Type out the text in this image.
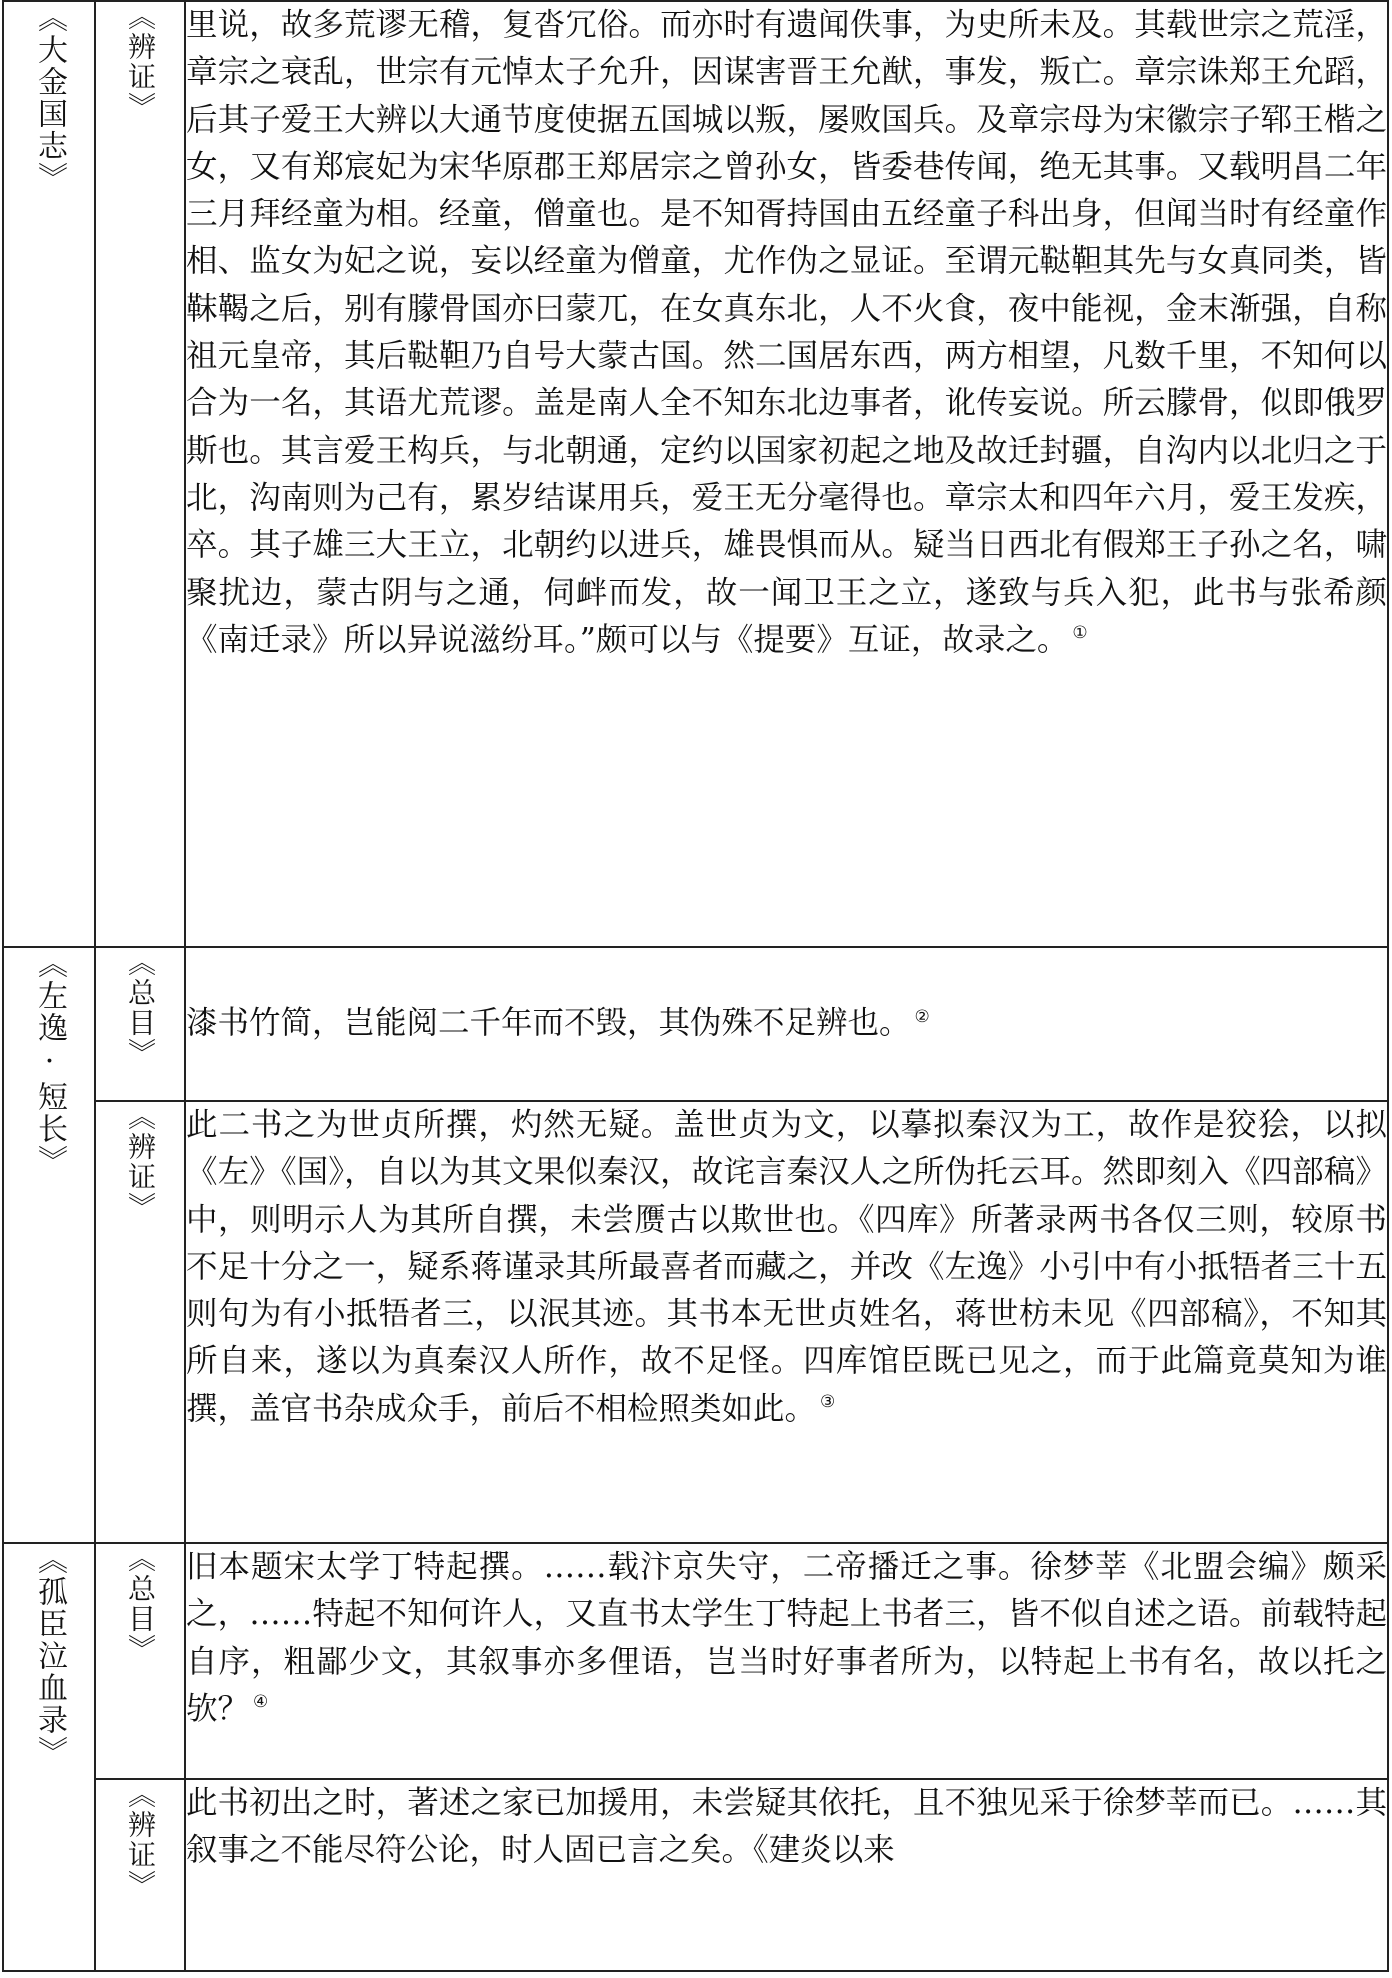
《大金国志》	《辨证》	里说，故多荒谬无稽，复沓冗俗。而亦时有遗闻佚事，为史所未及。其载世宗之荒淫，章宗之衰乱，世宗有元悼太子允升，因谋害晋王允猷，事发，叛亡。章宗诛郑王允蹈，后其子爱王大辨以大通节度使据五国城以叛，屡败国兵。及章宗母为宋徽宗子郓王楷之女，又有郑宸妃为宋华原郡王郑居宗之曾孙女，皆委巷传闻，绝无其事。又载明昌二年三月拜经童为相。经童，僧童也。是不知胥持国由五经童子科出身，但闻当时有经童作相、监女为妃之说，妄以经童为僧童，尤作伪之显证。至谓元鞑靼其先与女真同类，皆靺鞨之后，别有朦骨国亦曰蒙兀，在女真东北，人不火食，夜中能视，金末渐强，自称祖元皇帝，其后鞑靼乃自号大蒙古国。然二国居东西，两方相望，凡数千里，不知何以合为一名，其语尤荒谬。盖是南人全不知东北边事者，讹传妄说。所云朦骨，似即俄罗斯也。其言爱王构兵，与北朝通，定约以国家初起之地及故迁封疆，自沟内以北归之于北，沟南则为己有，累岁结谋用兵，爱王无分毫得也。章宗太和四年六月，爱王发疾，卒。其子雄三大王立，北朝约以进兵，雄畏惧而从。疑当日西北有假郑王子孙之名，啸聚扰边，蒙古阴与之通，伺衅而发，故一闻卫王之立，遂致与兵入犯，此书与张希颜《南迁录》所以异说滋纷耳。”颇可以与《提要》互证，故录之。 ①

《左逸·短长》	《总目》	漆书竹简，岂能阅二千年而不毁，其伪殊不足辨也。 ②

	《辨证》	此二书之为世贞所撰，灼然无疑。盖世贞为文，以摹拟秦汉为工，故作是狡狯，以拟《左》《国》，自以为其文果似秦汉，故诧言秦汉人之所伪托云耳。然即刻入《四部稿》中，则明示人为其所自撰，未尝赝古以欺世也。《四库》所著录两书各仅三则，较原书不足十分之一，疑系蒋谨录其所最喜者而藏之，并改《左逸》小引中有小抵牾者三十五则句为有小抵牾者三，以泯其迹。其书本无世贞姓名，蒋世枋未见《四部稿》，不知其所自来，遂以为真秦汉人所作，故不足怪。四库馆臣既已见之，而于此篇竟莫知为谁撰，盖官书杂成众手，前后不相检照类如此。 ③

《孤臣泣血录》	《总目》	旧本题宋太学丁特起撰。……载汴京失守，二帝播迁之事。徐梦莘《北盟会编》颇采之，……特起不知何许人，又直书太学生丁特起上书者三，皆不似自述之语。前载特起自序，粗鄙少文，其叙事亦多俚语，岂当时好事者所为，以特起上书有名，故以托之欤？ ④

	《辨证》	此书初出之时，著述之家已加援用，未尝疑其依托，且不独见采于徐梦莘而已。……其叙事之不能尽符公论，时人固已言之矣。《建炎以来
